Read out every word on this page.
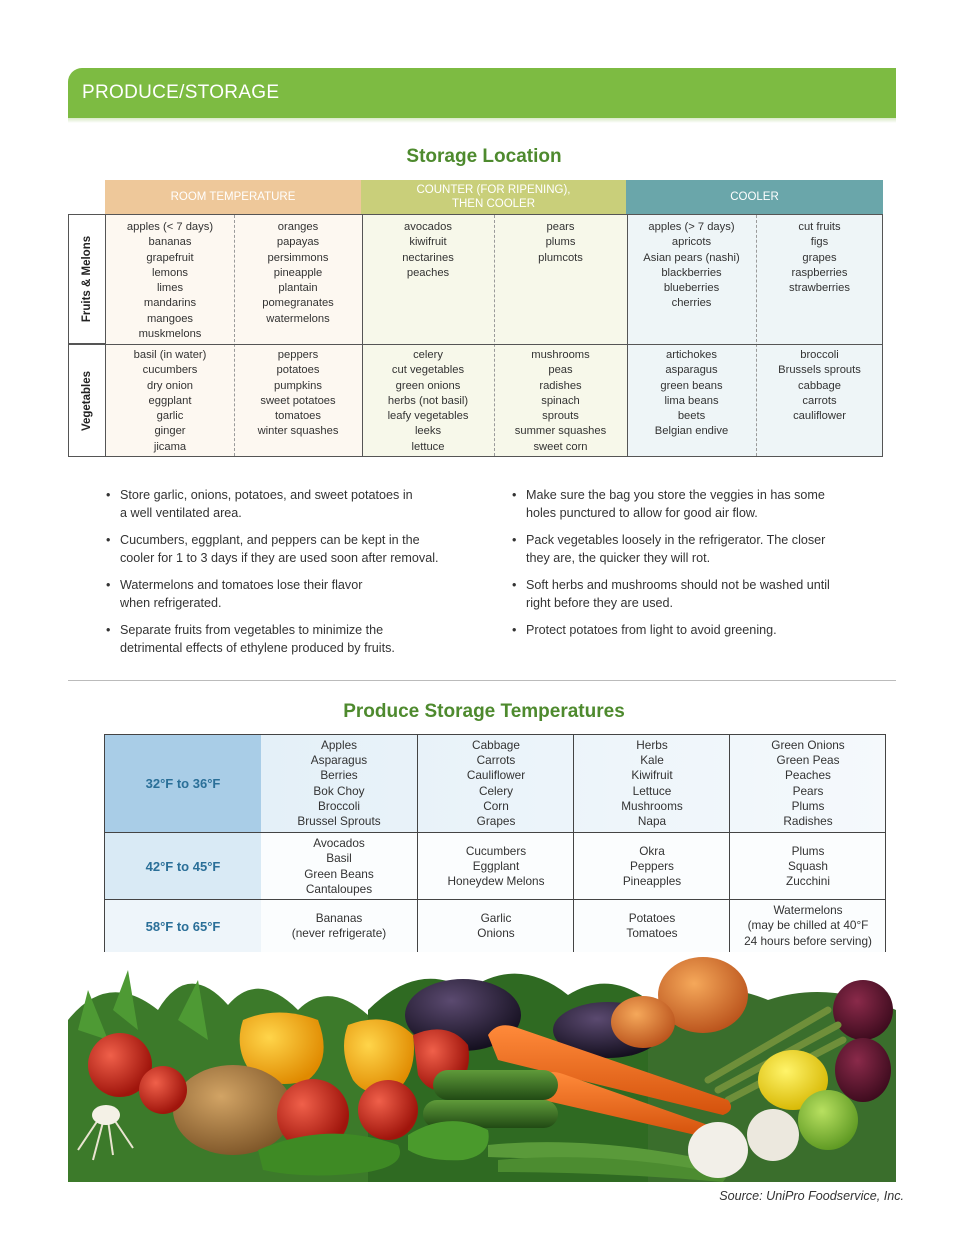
PRODUCE/STORAGE
Storage Location
ROOM TEMPERATURE
COUNTER (FOR RIPENING),
THEN COOLER
COOLER
Fruits & Melons
Vegetables
apples (< 7 days)
bananas
grapefruit
lemons
limes
mandarins
mangoes
muskmelons
oranges
papayas
persimmons
pineapple
plantain
pomegranates
watermelons
avocados
kiwifruit
nectarines
peaches
pears
plums
plumcots
apples (> 7 days)
apricots
Asian pears (nashi)
blackberries
blueberries
cherries
cut fruits
figs
grapes
raspberries
strawberries
basil (in water)
cucumbers
dry onion
eggplant
garlic
ginger
jicama
peppers
potatoes
pumpkins
sweet potatoes
tomatoes
winter squashes
celery
cut vegetables
green onions
herbs (not basil)
leafy vegetables
leeks
lettuce
mushrooms
peas
radishes
spinach
sprouts
summer squashes
sweet corn
artichokes
asparagus
green beans
lima beans
beets
Belgian endive
broccoli
Brussels sprouts
cabbage
carrots
cauliflower
• Store garlic, onions, potatoes, and sweet potatoes in
a well ventilated area.
• Cucumbers, eggplant, and peppers can be kept in the
cooler for 1 to 3 days if they are used soon after removal.
• Watermelons and tomatoes lose their flavor
when refrigerated.
• Separate fruits from vegetables to minimize the
detrimental effects of ethylene produced by fruits.
• Make sure the bag you store the veggies in has some
holes punctured to allow for good air flow.
• Pack vegetables loosely in the refrigerator. The closer
they are, the quicker they will rot.
• Soft herbs and mushrooms should not be washed until
right before they are used.
• Protect potatoes from light to avoid greening.
Produce Storage Temperatures
32°F to 36°F
Apples
Asparagus
Berries
Bok Choy
Broccoli
Brussel Sprouts
Cabbage
Carrots
Cauliflower
Celery
Corn
Grapes
Herbs
Kale
Kiwifruit
Lettuce
Mushrooms
Napa
Green Onions
Green Peas
Peaches
Pears
Plums
Radishes
42°F to 45°F
Avocados
Basil
Green Beans
Cantaloupes
Cucumbers
Eggplant
Honeydew Melons
Okra
Peppers
Pineapples
Plums
Squash
Zucchini
58°F to 65°F
Bananas
(never refrigerate)
Garlic
Onions
Potatoes
Tomatoes
Watermelons
(may be chilled at 40°F
24 hours before serving)
Source: UniPro Foodservice, Inc.
